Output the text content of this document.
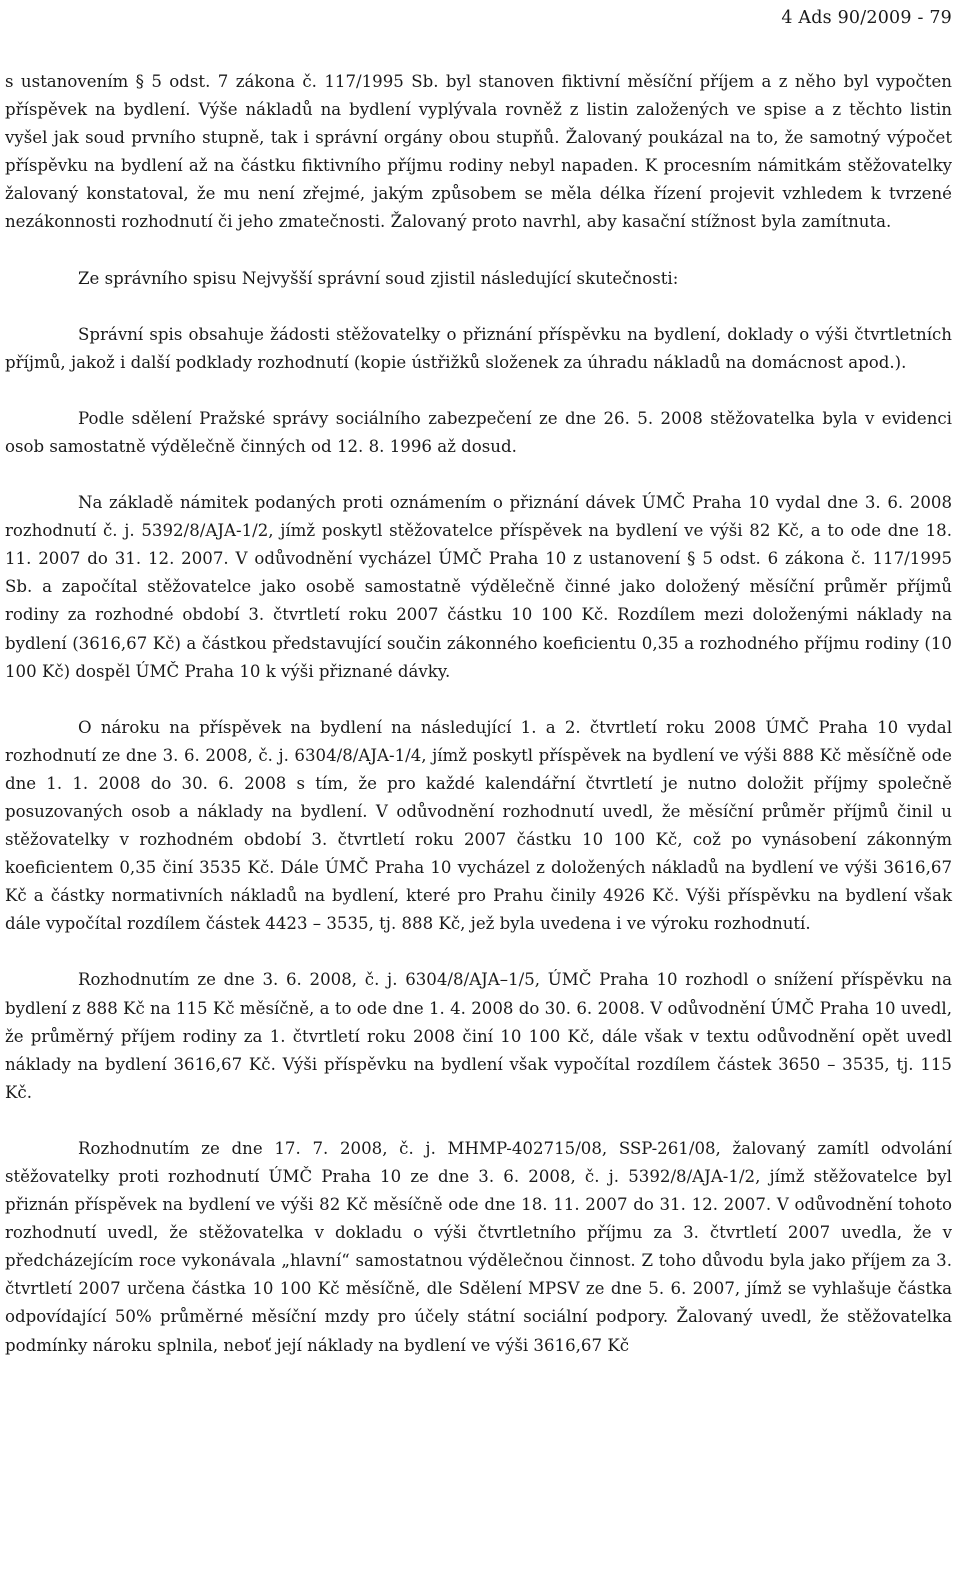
4 Ads 90/2009 - 79

s ustanovením § 5 odst. 7 zákona č. 117/1995 Sb. byl stanoven fiktivní měsíční příjem a z něho byl vypočten příspěvek na bydlení. Výše nákladů na bydlení vyplývala rovněž z listin založených ve spise a z těchto listin vyšel jak soud prvního stupně, tak i správní orgány obou stupňů. Žalovaný poukázal na to, že samotný výpočet příspěvku na bydlení až na částku fiktivního příjmu rodiny nebyl napaden. K procesním námitkám stěžovatelky žalovaný konstatoval, že mu není zřejmé, jakým způsobem se měla délka řízení projevit vzhledem k tvrzené nezákonnosti rozhodnutí či jeho zmatečnosti. Žalovaný proto navrhl, aby kasační stížnost byla zamítnuta.

Ze správního spisu Nejvyšší správní soud zjistil následující skutečnosti:

Správní spis obsahuje žádosti stěžovatelky o přiznání příspěvku na bydlení, doklady o výši čtvrtletních příjmů, jakož i další podklady rozhodnutí (kopie ústřižků složenek za úhradu nákladů na domácnost apod.).

Podle sdělení Pražské správy sociálního zabezpečení ze dne 26. 5. 2008 stěžovatelka byla v evidenci osob samostatně výdělečně činných od 12. 8. 1996 až dosud.

Na základě námitek podaných proti oznámením o přiznání dávek ÚMČ Praha 10 vydal dne 3. 6. 2008 rozhodnutí č. j. 5392/8/AJA-1/2, jímž poskytl stěžovatelce příspěvek na bydlení ve výši 82 Kč, a to ode dne 18. 11. 2007 do 31. 12. 2007. V odůvodnění vycházel ÚMČ Praha 10 z ustanovení § 5 odst. 6 zákona č. 117/1995 Sb. a započítal stěžovatelce jako osobě samostatně výdělečně činné jako doložený měsíční průměr příjmů rodiny za rozhodné období 3. čtvrtletí roku 2007 částku 10 100 Kč. Rozdílem mezi doloženými náklady na bydlení (3616,67 Kč) a částkou představující součin zákonného koeficientu 0,35 a rozhodného příjmu rodiny (10 100 Kč) dospěl ÚMČ Praha 10 k výši přiznané dávky.

O nároku na příspěvek na bydlení na následující 1. a 2. čtvrtletí roku 2008 ÚMČ Praha 10 vydal rozhodnutí ze dne 3. 6. 2008, č. j. 6304/8/AJA-1/4, jímž poskytl příspěvek na bydlení ve výši 888 Kč měsíčně ode dne 1. 1. 2008 do 30. 6. 2008 s tím, že pro každé kalendářní čtvrtletí je nutno doložit příjmy společně posuzovaných osob a náklady na bydlení. V odůvodnění rozhodnutí uvedl, že měsíční průměr příjmů činil u stěžovatelky v rozhodném období 3. čtvrtletí roku 2007 částku 10 100 Kč, což po vynásobení zákonným koeficientem 0,35 činí 3535 Kč. Dále ÚMČ Praha 10 vycházel z doložených nákladů na bydlení ve výši 3616,67 Kč a částky normativních nákladů na bydlení, které pro Prahu činily 4926 Kč. Výši příspěvku na bydlení však dále vypočítal rozdílem částek 4423 – 3535, tj. 888 Kč, jež byla uvedena i ve výroku rozhodnutí.

Rozhodnutím ze dne 3. 6. 2008, č. j. 6304/8/AJA–1/5, ÚMČ Praha 10 rozhodl o snížení příspěvku na bydlení z 888 Kč na 115 Kč měsíčně, a to ode dne 1. 4. 2008 do 30. 6. 2008. V odůvodnění ÚMČ Praha 10 uvedl, že průměrný příjem rodiny za 1. čtvrtletí roku 2008 činí 10 100 Kč, dále však v textu odůvodnění opět uvedl náklady na bydlení 3616,67 Kč. Výši příspěvku na bydlení však vypočítal rozdílem částek 3650 – 3535, tj. 115 Kč.

Rozhodnutím ze dne 17. 7. 2008, č. j. MHMP-402715/08, SSP-261/08, žalovaný zamítl odvolání stěžovatelky proti rozhodnutí ÚMČ Praha 10 ze dne 3. 6. 2008, č. j. 5392/8/AJA-1/2, jímž stěžovatelce byl přiznán příspěvek na bydlení ve výši 82 Kč měsíčně ode dne 18. 11. 2007 do 31. 12. 2007. V odůvodnění tohoto rozhodnutí uvedl, že stěžovatelka v dokladu o výši čtvrtletního příjmu za 3. čtvrtletí 2007 uvedla, že v předcházejícím roce vykonávala „hlavní“ samostatnou výdělečnou činnost. Z toho důvodu byla jako příjem za 3. čtvrtletí 2007 určena částka 10 100 Kč měsíčně, dle Sdělení MPSV ze dne 5. 6. 2007, jímž se vyhlašuje částka odpovídající 50% průměrné měsíční mzdy pro účely státní sociální podpory. Žalovaný uvedl, že stěžovatelka podmínky nároku splnila, neboť její náklady na bydlení ve výši 3616,67 Kč
